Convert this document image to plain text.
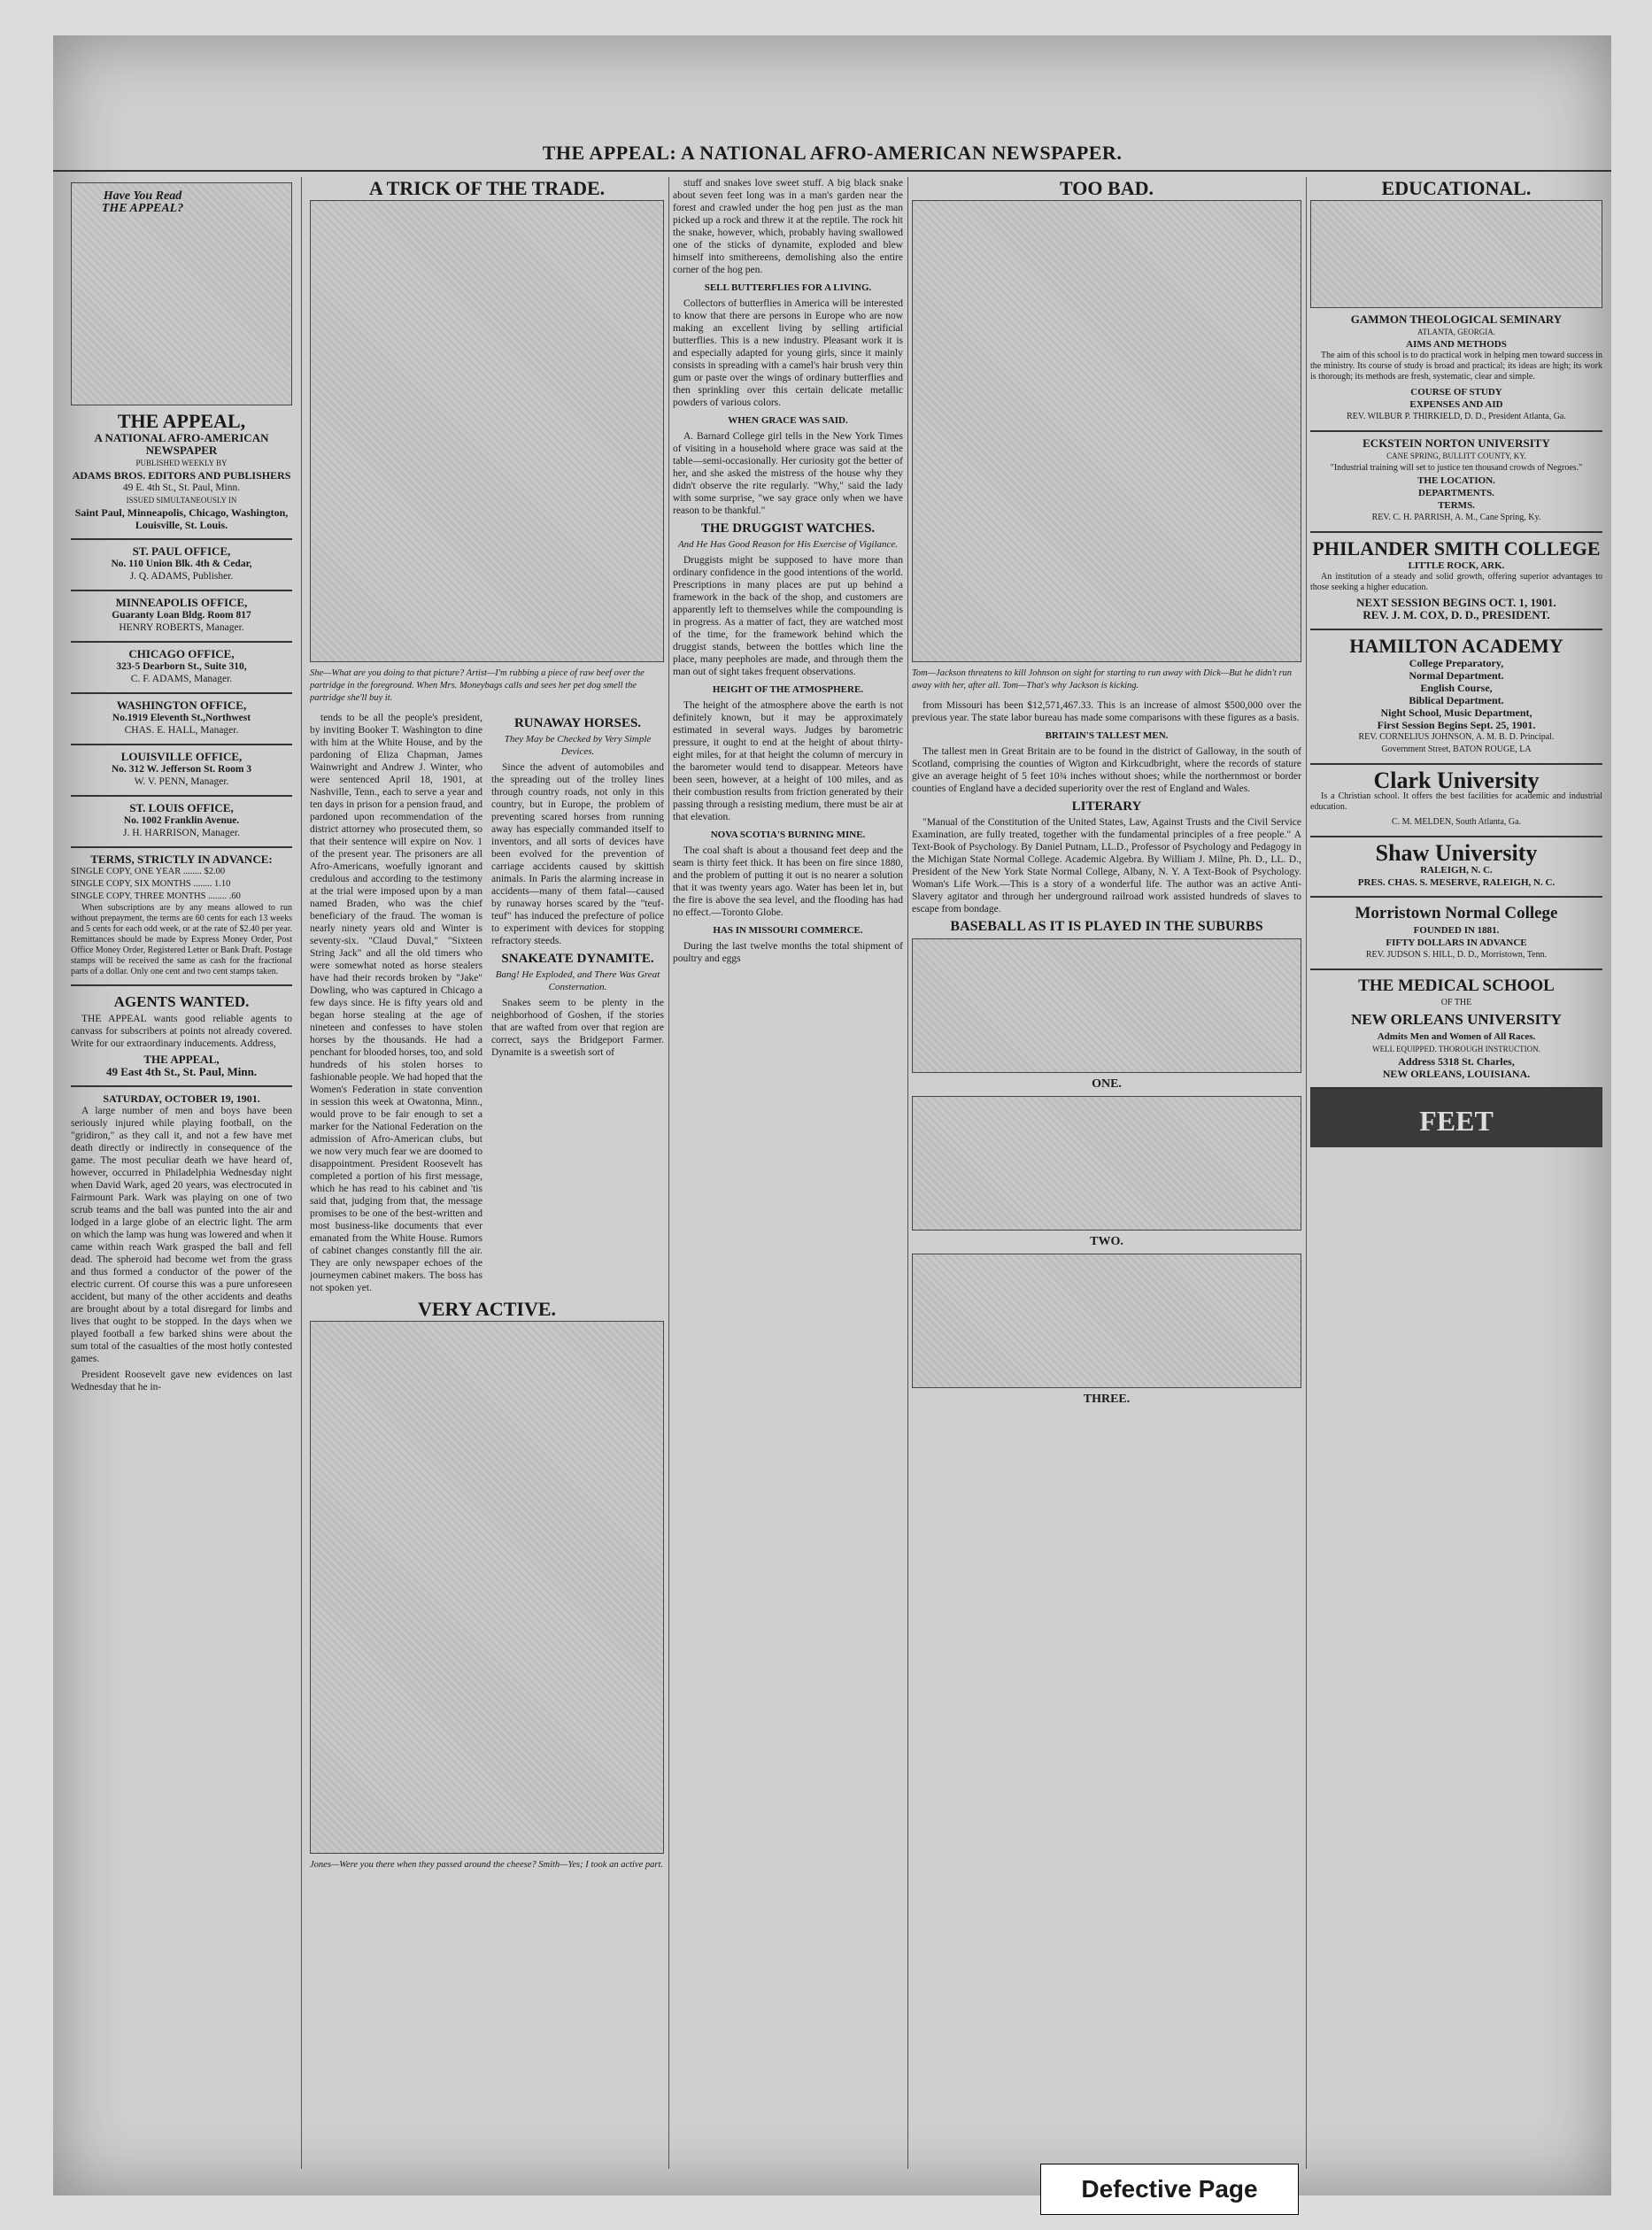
THE APPEAL: A NATIONAL AFRO-AMERICAN NEWSPAPER.
Have You Read THE APPEAL?
THE APPEAL,
A NATIONAL AFRO-AMERICAN NEWSPAPER
PUBLISHED WEEKLY BY
ADAMS BROS. EDITORS AND PUBLISHERS
49 E. 4th St., St. Paul, Minn.
ISSUED SIMULTANEOUSLY IN
Saint Paul, Minneapolis, Chicago, Washington, Louisville, St. Louis.
ST. PAUL OFFICE,
No. 110 Union Blk. 4th & Cedar,
J. Q. ADAMS, Publisher.
MINNEAPOLIS OFFICE,
Guaranty Loan Bldg. Room 817
HENRY ROBERTS, Manager.
CHICAGO OFFICE,
323-5 Dearborn St., Suite 310,
C. F. ADAMS, Manager.
WASHINGTON OFFICE,
No.1919 Eleventh St.,Northwest
CHAS. E. HALL, Manager.
LOUISVILLE OFFICE,
No. 312 W. Jefferson St. Room 3
W. V. PENN, Manager.
ST. LOUIS OFFICE,
No. 1002 Franklin Avenue.
J. H. HARRISON, Manager.
TERMS, STRICTLY IN ADVANCE:
SINGLE COPY, ONE YEAR ........ $2.00
SINGLE COPY, SIX MONTHS ........ 1.10
SINGLE COPY, THREE MONTHS ........ .60

When subscriptions are by any means allowed to run without prepayment, the terms are 60 cents for each 13 weeks and 5 cents for each odd week, or at the rate of $2.40 per year. Remittances should be made by Express Money Order, Post Office Money Order, Registered Letter or Bank Draft. Postage stamps will be received the same as cash for the fractional parts of a dollar. Only one cent and two cent stamps taken.

AGENTS WANTED.

THE APPEAL wants good reliable agents to canvass for subscribers at points not already covered. Write for our extraordinary inducements. Address,

THE APPEAL,
49 East 4th St., St. Paul, Minn.
SATURDAY, OCTOBER 19, 1901.

A large number of men and boys have been seriously injured while playing football, on the "gridiron," as they call it, and not a few have met death directly or indirectly in consequence of the game. The most peculiar death we have heard of, however, occurred in Philadelphia Wednesday night when David Wark, aged 20 years, was electrocuted in Fairmount Park. Wark was playing on one of two scrub teams and the ball was punted into the air and lodged in a large globe of an electric light. The arm on which the lamp was hung was lowered and when it came within reach Wark grasped the ball and fell dead. The spheroid had become wet from the grass and thus formed a conductor of the power of the electric current. Of course this was a pure unforeseen accident, but many of the other accidents and deaths are brought about by a total disregard for limbs and lives that ought to be stopped. In the days when we played football a few barked shins were about the sum total of the casualties of the most hotly contested games.

President Roosevelt gave new evidences on last Wednesday that he in-

A TRICK OF THE TRADE.
She—What are you doing to that picture? Artist—I'm rubbing a piece of raw beef over the partridge in the foreground. When Mrs. Moneybags calls and sees her pet dog smell the partridge she'll buy it.

tends to be all the people's president, by inviting Booker T. Washington to dine with him at the White House, and by the pardoning of Eliza Chapman, James Wainwright and Andrew J. Winter, who were sentenced April 18, 1901, at Nashville, Tenn., each to serve a year and ten days in prison for a pension fraud, and pardoned upon recommendation of the district attorney who prosecuted them, so that their sentence will expire on Nov. 1 of the present year. The prisoners are all Afro-Americans, woefully ignorant and credulous and according to the testimony at the trial were imposed upon by a man named Braden, who was the chief beneficiary of the fraud. The woman is nearly ninety years old and Winter is seventy-six. "Claud Duval," "Sixteen String Jack" and all the old timers who were somewhat noted as horse stealers have had their records broken by "Jake" Dowling, who was captured in Chicago a few days since. He is fifty years old and began horse stealing at the age of nineteen and confesses to have stolen horses by the thousands. He had a penchant for blooded horses, too, and sold hundreds of his stolen horses to fashionable people. We had hoped that the Women's Federation in state convention in session this week at Owatonna, Minn., would prove to be fair enough to set a marker for the National Federation on the admission of Afro-American clubs, but we now very much fear we are doomed to disappointment. President Roosevelt has completed a portion of his first message, which he has read to his cabinet and 'tis said that, judging from that, the message promises to be one of the best-written and most business-like documents that ever emanated from the White House. Rumors of cabinet changes constantly fill the air. They are only newspaper echoes of the journeymen cabinet makers. The boss has not spoken yet.

RUNAWAY HORSES.
They May be Checked by Very Simple Devices.

Since the advent of automobiles and the spreading out of the trolley lines through country roads, not only in this country, but in Europe, the problem of preventing scared horses from running away has especially commanded itself to inventors, and all sorts of devices have been evolved for the prevention of carriage accidents caused by skittish animals. In Paris the alarming increase in accidents—many of them fatal—caused by runaway horses scared by the "teuf-teuf" has induced the prefecture of police to experiment with devices for stopping refractory steeds.

SNAKEATE DYNAMITE.
Bang! He Exploded, and There Was Great Consternation.

Snakes seem to be plenty in the neighborhood of Goshen, if the stories that are wafted from over that region are correct, says the Bridgeport Farmer. Dynamite is a sweetish sort of

VERY ACTIVE.
Jones—Were you there when they passed around the cheese? Smith—Yes; I took an active part.

stuff and snakes love sweet stuff. A big black snake about seven feet long was in a man's garden near the forest and crawled under the hog pen just as the man picked up a rock and threw it at the reptile. The rock hit the snake, however, which, probably having swallowed one of the sticks of dynamite, exploded and blew himself into smithereens, demolishing also the entire corner of the hog pen.

SELL BUTTERFLIES FOR A LIVING.

Collectors of butterflies in America will be interested to know that there are persons in Europe who are now making an excellent living by selling artificial butterflies. This is a new industry. Pleasant work it is and especially adapted for young girls, since it mainly consists in spreading with a camel's hair brush very thin gum or paste over the wings of ordinary butterflies and then sprinkling over this certain delicate metallic powders of various colors.

WHEN GRACE WAS SAID.

A. Barnard College girl tells in the New York Times of visiting in a household where grace was said at the table—semi-occasionally. Her curiosity got the better of her, and she asked the mistress of the house why they didn't observe the rite regularly. "Why," said the lady with some surprise, "we say grace only when we have reason to be thankful."

THE DRUGGIST WATCHES.
And He Has Good Reason for His Exercise of Vigilance.

Druggists might be supposed to have more than ordinary confidence in the good intentions of the world. Prescriptions in many places are put up behind a framework in the back of the shop, and customers are apparently left to themselves while the compounding is in progress. As a matter of fact, they are watched most of the time, for the framework behind which the druggist stands, between the bottles which line the place, many peepholes are made, and through them the man out of sight takes frequent observations.

HEIGHT OF THE ATMOSPHERE.

The height of the atmosphere above the earth is not definitely known, but it may be approximately estimated in several ways. Judges by barometric pressure, it ought to end at the height of about thirty-eight miles, for at that height the column of mercury in the barometer would tend to disappear. Meteors have been seen, however, at a height of 100 miles, and as their combustion results from friction generated by their passing through a resisting medium, there must be air at that elevation.

NOVA SCOTIA'S BURNING MINE.

The coal shaft is about a thousand feet deep and the seam is thirty feet thick. It has been on fire since 1880, and the problem of putting it out is no nearer a solution that it was twenty years ago. Water has been let in, but the fire is above the sea level, and the flooding has had no effect.—Toronto Globe.

HAS IN MISSOURI COMMERCE.

During the last twelve months the total shipment of poultry and eggs

TOO BAD.
Tom—Jackson threatens to kill Johnson on sight for starting to run away with Dick—But he didn't run away with her, after all. Tom—That's why Jackson is kicking.

from Missouri has been $12,571,467.33. This is an increase of almost $500,000 over the previous year. The state labor bureau has made some comparisons with these figures as a basis.

BRITAIN'S TALLEST MEN.

The tallest men in Great Britain are to be found in the district of Galloway, in the south of Scotland, comprising the counties of Wigton and Kirkcudbright, where the records of stature give an average height of 5 feet 10¾ inches without shoes; while the northernmost or border counties of England have a decided superiority over the rest of England and Wales.

LITERARY

"Manual of the Constitution of the United States, Law, Against Trusts and the Civil Service Examination, are fully treated, together with the fundamental principles of a free people." A Text-Book of Psychology. By Daniel Putnam, LL.D., Professor of Psychology and Pedagogy in the Michigan State Normal College. Academic Algebra. By William J. Milne, Ph. D., LL. D., President of the New York State Normal College, Albany, N. Y. A Text-Book of Psychology. Woman's Life Work.—This is a story of a wonderful life. The author was an active Anti-Slavery agitator and through her underground railroad work assisted hundreds of slaves to escape from bondage.

BASEBALL AS IT IS PLAYED IN THE SUBURBS
ONE.
TWO.
THREE.
EDUCATIONAL.
GAMMON THEOLOGICAL SEMINARY
ATLANTA, GEORGIA.
AIMS AND METHODS

The aim of this school is to do practical work in helping men toward success in the ministry. Its course of study is broad and practical; its ideas are high; its work is thorough; its methods are fresh, systematic, clear and simple.

COURSE OF STUDY
EXPENSES AND AID
REV. WILBUR P. THIRKIELD, D. D., President Atlanta, Ga.
ECKSTEIN NORTON UNIVERSITY
CANE SPRING, BULLITT COUNTY, KY.
"Industrial training will set to justice ten thousand crowds of Negroes."
THE LOCATION.
DEPARTMENTS.
TERMS.
REV. C. H. PARRISH, A. M., Cane Spring, Ky.
PHILANDER SMITH COLLEGE
LITTLE ROCK, ARK.

An institution of a steady and solid growth, offering superior advantages to those seeking a higher education.

NEXT SESSION BEGINS OCT. 1, 1901.
REV. J. M. COX, D. D., PRESIDENT.
HAMILTON ACADEMY
College Preparatory,
Normal Department.
English Course,
Biblical Department.
Night School, Music Department,
First Session Begins Sept. 25, 1901.
REV. CORNELIUS JOHNSON, A. M. B. D. Principal.
Government Street, BATON ROUGE, LA
Clark University

Is a Christian school. It offers the best facilities for academic and industrial education.

C. M. MELDEN, South Atlanta, Ga.
Shaw University
RALEIGH, N. C.
PRES. CHAS. S. MESERVE, RALEIGH, N. C.
Morristown Normal College
FOUNDED IN 1881.
FIFTY DOLLARS IN ADVANCE
REV. JUDSON S. HILL, D. D., Morristown, Tenn.
THE MEDICAL SCHOOL
OF THE
NEW ORLEANS UNIVERSITY
Admits Men and Women of All Races.
WELL EQUIPPED. THOROUGH INSTRUCTION.
Address 5318 St. Charles,
NEW ORLEANS, LOUISIANA.
FEET
Defective Page
